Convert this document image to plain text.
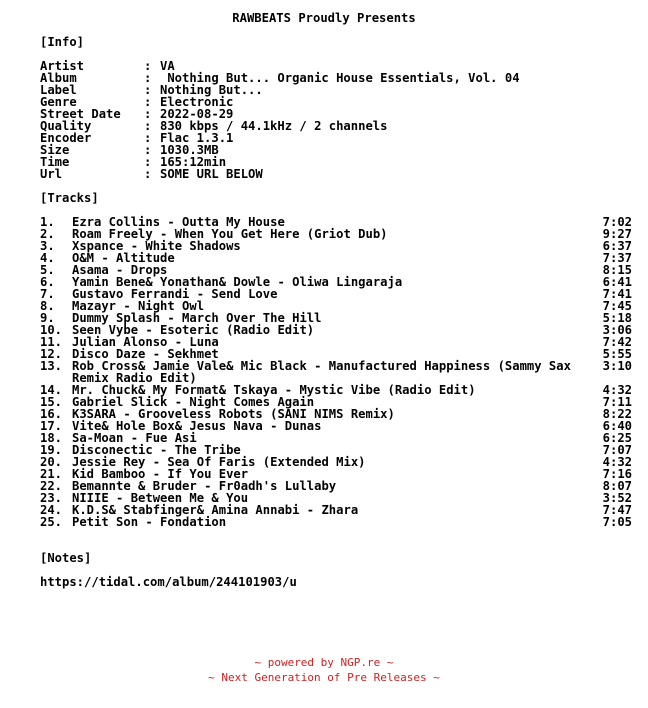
RAWBEATS Proudly Presents
[Info]
Artist	: VA
Album	: Nothing But... Organic House Essentials, Vol. 04
Label	: Nothing But...
Genre	: Electronic
Street Date	: 2022-08-29
Quality	: 830 kbps / 44.1kHz / 2 channels
Encoder	: Flac 1.3.1
Size	: 1030.3MB
Time	: 165:12min
Url	: SOME URL BELOW
[Tracks]
1.	Ezra Collins - Outta My House	7:02
2.	Roam Freely - When You Get Here (Griot Dub)	9:27
3.	Xspance - White Shadows	6:37
4.	O&M - Altitude	7:37
5.	Asama - Drops	8:15
6.	Yamin Bene& Yonathan& Dowle - Oliwa Lingaraja	6:41
7.	Gustavo Ferrandi - Send Love	7:41
8.	Mazayr - Night Owl	7:45
9.	Dummy Splash - March Over The Hill	5:18
10. Seen Vybe - Esoteric (Radio Edit)	3:06
11. Julian Alonso - Luna	7:42
12. Disco Daze - Sekhmet	5:55
13. Rob Cross& Jamie Vale& Mic Black - Manufactured Happiness (Sammy Sax Remix Radio Edit)
3:10
14. Mr. Chuck& My Format& Tskaya - Mystic Vibe (Radio Edit)	4:32
15. Gabriel Slick - Night Comes Again	7:11
16. K3SARA - Grooveless Robots (SANI NIMS Remix)	8:22
17. Vite& Hole Box& Jesus Nava - Dunas	6:40
18. Sa-Moan - Fue Asi	6:25
19. Disconectic - The Tribe	7:07
20. Jessie Rey - Sea Of Faris (Extended Mix)	4:32
21. Kid Bamboo - If You Ever	7:16
22. Bemannte & Bruder - Fr0adh's Lullaby	8:07
23. NIIIE - Between Me & You	3:52
24. K.D.S& Stabfinger& Amina Annabi - Zhara	7:47
25. Petit Son - Fondation	7:05
[Notes]
https://tidal.com/album/244101903/u
~ powered by NGP.re ~
~ Next Generation of Pre Releases ~
